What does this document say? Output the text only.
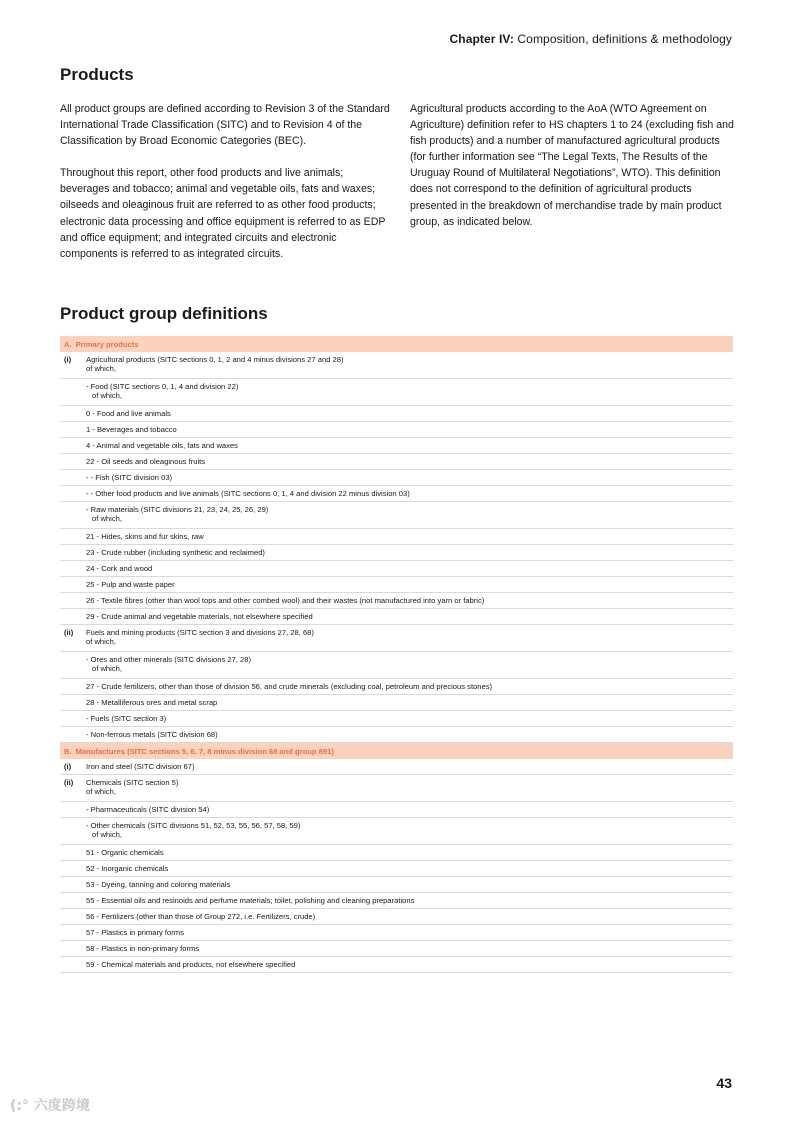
Chapter IV: Composition, definitions & methodology
Products

All product groups are defined according to Revision 3 of the Standard International Trade Classification (SITC) and to Revision 4 of the Classification by Broad Economic Categories (BEC).

Throughout this report, other food products and live animals; beverages and tobacco; animal and vegetable oils, fats and waxes; oilseeds and oleaginous fruit are referred to as other food products; electronic data processing and office equipment is referred to as EDP and office equipment; and integrated circuits and electronic components is referred to as integrated circuits.

Agricultural products according to the AoA (WTO Agreement on Agriculture) definition refer to HS chapters 1 to 24 (excluding fish and fish products) and a number of manufactured agricultural products (for further information see “The Legal Texts, The Results of the Uruguay Round of Multilateral Negotiations”, WTO). This definition does not correspond to the definition of agricultural products presented in the breakdown of merchandise trade by main product group, as indicated below.

Product group definitions
A. Primary products
(i)	Agricultural products (SITC sections 0, 1, 2 and 4 minus divisions 27 and 28)
of which,
- Food (SITC sections 0, 1, 4 and division 22)
of which,
0 - Food and live animals
1 - Beverages and tobacco
4 - Animal and vegetable oils, fats and waxes
22 - Oil seeds and oleaginous fruits
- - Fish (SITC division 03)
- - Other food products and live animals (SITC sections 0, 1, 4 and division 22 minus division 03)
- Raw materials (SITC divisions 21, 23, 24, 25, 26, 29)
of which,
21 - Hides, skins and fur skins, raw
23 - Crude rubber (including synthetic and reclaimed)
24 - Cork and wood
25 - Pulp and waste paper
26 - Textile fibres (other than wool tops and other combed wool) and their wastes (not manufactured into yarn or fabric)
29 - Crude animal and vegetable materials, not elsewhere specified
(ii)	Fuels and mining products (SITC section 3 and divisions 27, 28, 68)
of which,
- Ores and other minerals (SITC divisions 27, 28)
of which,
27 - Crude fertilizers, other than those of division 56, and crude minerals (excluding coal, petroleum and precious stones)
28 - Metalliferous ores and metal scrap
- Fuels (SITC section 3)
- Non-ferrous metals (SITC division 68)
B. Manufactures (SITC sections 5, 6, 7, 8 minus division 68 and group 891)
(i)	Iron and steel (SITC division 67)
(ii)	Chemicals (SITC section 5)
of which,
- Pharmaceuticals (SITC division 54)
- Other chemicals (SITC divisions 51, 52, 53, 55, 56, 57, 58, 59)
of which,
51 - Organic chemicals
52 - Inorganic chemicals
53 - Dyeing, tanning and coloring materials
55 - Essential oils and resinoids and perfume materials; toilet, polishing and cleaning preparations
56 - Fertilizers (other than those of Group 272, i.e. Fertilizers, crude)
57 - Plastics in primary forms
58 - Plastics in non-primary forms
59 - Chemical materials and products, not elsewhere specified
43
(:° 六度跨境
